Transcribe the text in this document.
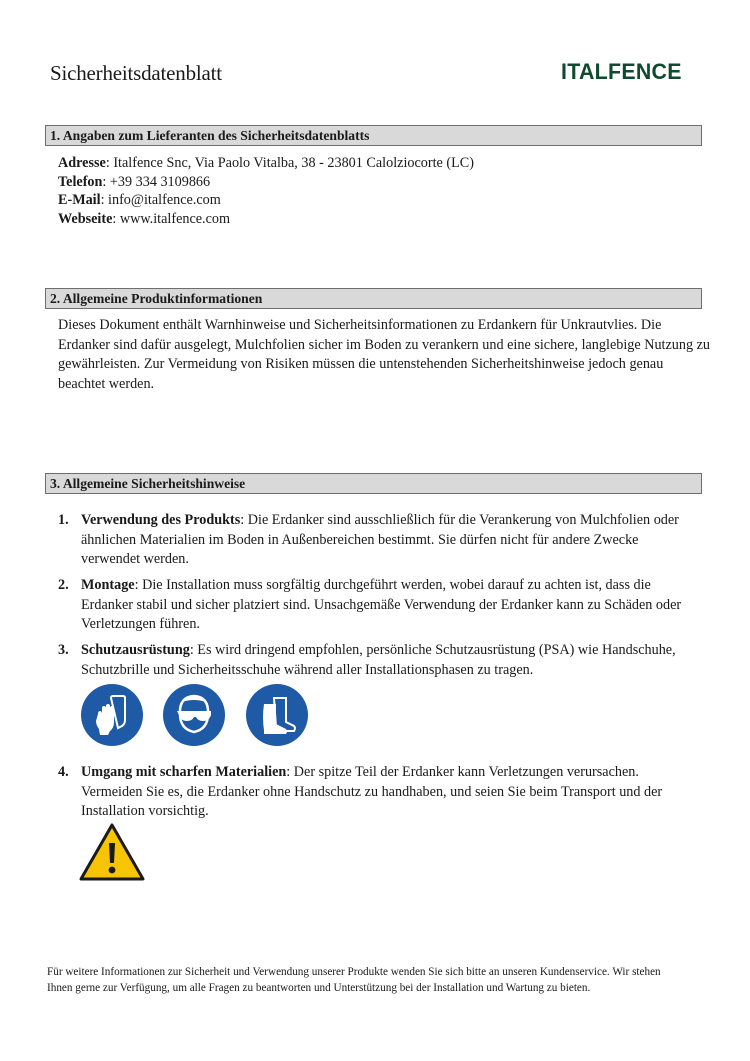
Sicherheitsdatenblatt	ITALFENCE
1. Angaben zum Lieferanten des Sicherheitsdatenblatts
Adresse: Italfence Snc, Via Paolo Vitalba, 38 - 23801 Calolziocorte (LC)
Telefon: +39 334 3109866
E-Mail: info@italfence.com
Webseite: www.italfence.com
2. Allgemeine Produktinformationen
Dieses Dokument enthält Warnhinweise und Sicherheitsinformationen zu Erdankern für Unkrautvlies. Die Erdanker sind dafür ausgelegt, Mulchfolien sicher im Boden zu verankern und eine sichere, langlebige Nutzung zu gewährleisten. Zur Vermeidung von Risiken müssen die untenstehenden Sicherheitshinweise jedoch genau beachtet werden.
3. Allgemeine Sicherheitshinweise
1. Verwendung des Produkts: Die Erdanker sind ausschließlich für die Verankerung von Mulchfolien oder ähnlichen Materialien im Boden in Außenbereichen bestimmt. Sie dürfen nicht für andere Zwecke verwendet werden.
2. Montage: Die Installation muss sorgfältig durchgeführt werden, wobei darauf zu achten ist, dass die Erdanker stabil und sicher platziert sind. Unsachgemäße Verwendung der Erdanker kann zu Schäden oder Verletzungen führen.
3. Schutzausrüstung: Es wird dringend empfohlen, persönliche Schutzausrüstung (PSA) wie Handschuhe, Schutzbrille und Sicherheitsschuhe während aller Installationsphasen zu tragen.
4. Umgang mit scharfen Materialien: Der spitze Teil der Erdanker kann Verletzungen verursachen. Vermeiden Sie es, die Erdanker ohne Handschutz zu handhaben, und seien Sie beim Transport und der Installation vorsichtig.
Für weitere Informationen zur Sicherheit und Verwendung unserer Produkte wenden Sie sich bitte an unseren Kundenservice. Wir stehen Ihnen gerne zur Verfügung, um alle Fragen zu beantworten und Unterstützung bei der Installation und Wartung zu bieten.
